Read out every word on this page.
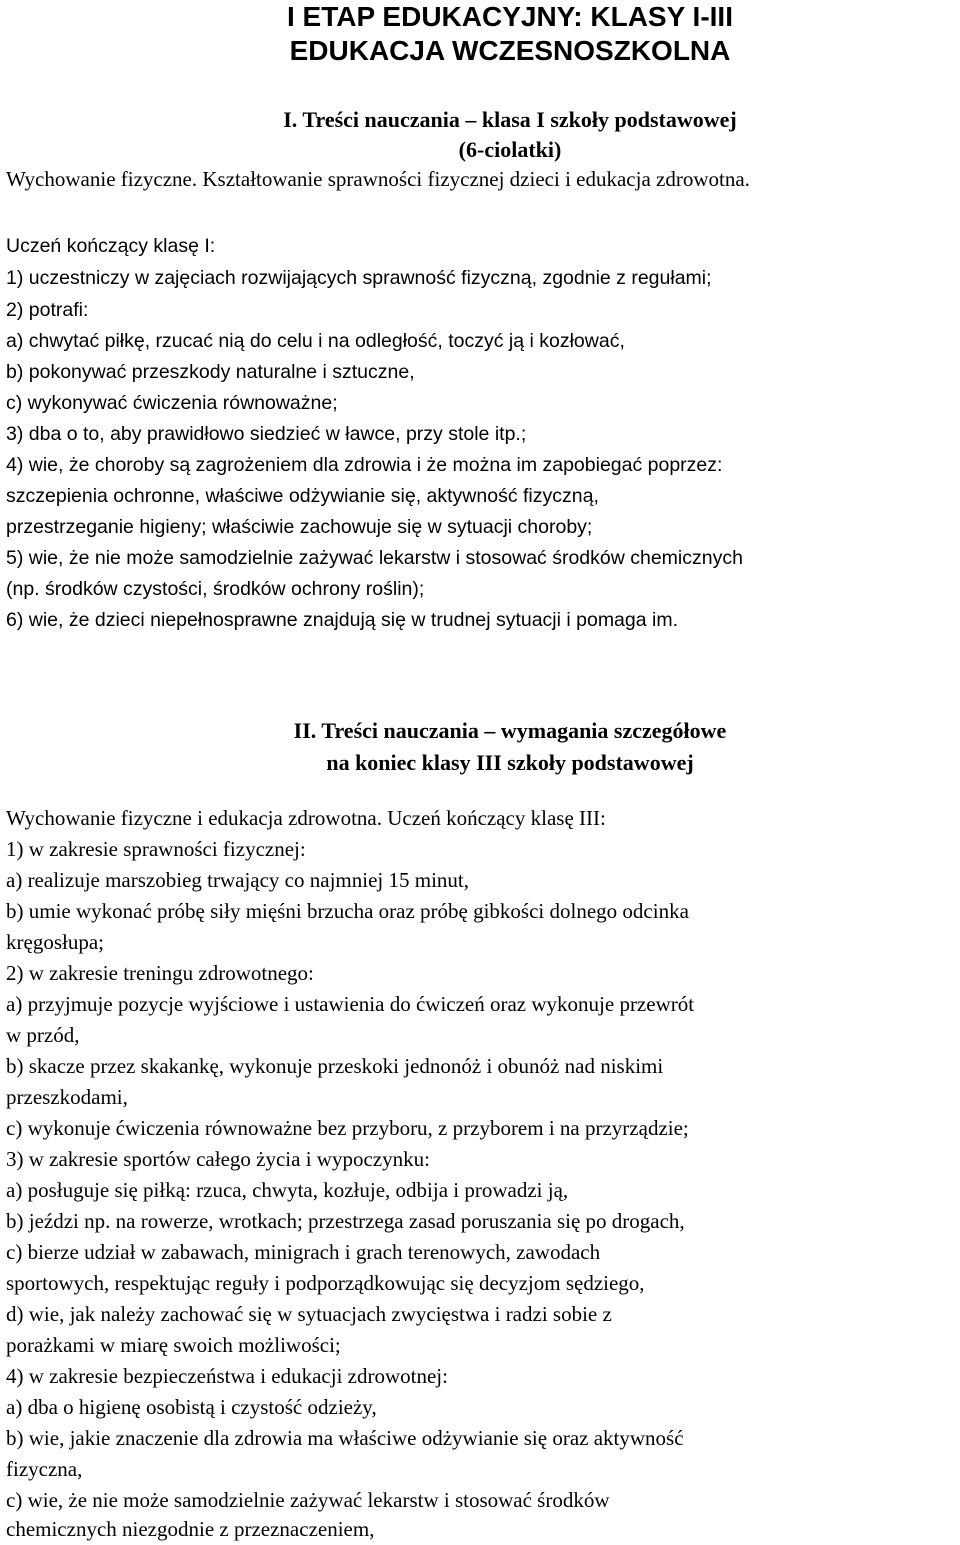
I ETAP EDUKACYJNY: KLASY I-III
EDUKACJA WCZESNOSZKOLNA
I. Treści nauczania – klasa I szkoły podstawowej
(6-ciolatki)
Wychowanie fizyczne. Kształtowanie sprawności fizycznej dzieci i edukacja zdrowotna.
Uczeń kończący klasę I:
1) uczestniczy w zajęciach rozwijających sprawność fizyczną, zgodnie z regułami;
2) potrafi:
a) chwytać piłkę, rzucać nią do celu i na odległość, toczyć ją i kozłować,
b) pokonywać przeszkody naturalne i sztuczne,
c) wykonywać ćwiczenia równoważne;
3) dba o to, aby prawidłowo siedzieć w ławce, przy stole itp.;
4) wie, że choroby są zagrożeniem dla zdrowia i że można im zapobiegać poprzez:
szczepienia ochronne, właściwe odżywianie się, aktywność fizyczną,
przestrzeganie higieny; właściwie zachowuje się w sytuacji choroby;
5) wie, że nie może samodzielnie zażywać lekarstw i stosować środków chemicznych
(np. środków czystości, środków ochrony roślin);
6) wie, że dzieci niepełnosprawne znajdują się w trudnej sytuacji i pomaga im.
II. Treści nauczania – wymagania szczegółowe
na koniec klasy III szkoły podstawowej
Wychowanie fizyczne i edukacja zdrowotna. Uczeń kończący klasę III:
1) w zakresie sprawności fizycznej:
a) realizuje marszobieg trwający co najmniej 15 minut,
b) umie wykonać próbę siły mięśni brzucha oraz próbę gibkości dolnego odcinka
kręgosłupa;
2) w zakresie treningu zdrowotnego:
a) przyjmuje pozycje wyjściowe i ustawienia do ćwiczeń oraz wykonuje przewrót
w przód,
b) skacze przez skakankę, wykonuje przeskoki jednonóż i obunóż nad niskimi
przeszkodami,
c) wykonuje ćwiczenia równoważne bez przyboru, z przyborem i na przyrządzie;
3) w zakresie sportów całego życia i wypoczynku:
a) posługuje się piłką: rzuca, chwyta, kozłuje, odbija i prowadzi ją,
b) jeździ np. na rowerze, wrotkach; przestrzega zasad poruszania się po drogach,
c) bierze udział w zabawach, minigrach i grach terenowych, zawodach
sportowych, respektując reguły i podporządkowując się decyzjom sędziego,
d) wie, jak należy zachować się w sytuacjach zwycięstwa i radzi sobie z
porażkami w miarę swoich możliwości;
4) w zakresie bezpieczeństwa i edukacji zdrowotnej:
a) dba o higienę osobistą i czystość odzieży,
b) wie, jakie znaczenie dla zdrowia ma właściwe odżywianie się oraz aktywność
fizyczna,
c) wie, że nie może samodzielnie zażywać lekarstw i stosować środków
chemicznych niezgodnie z przeznaczeniem,
